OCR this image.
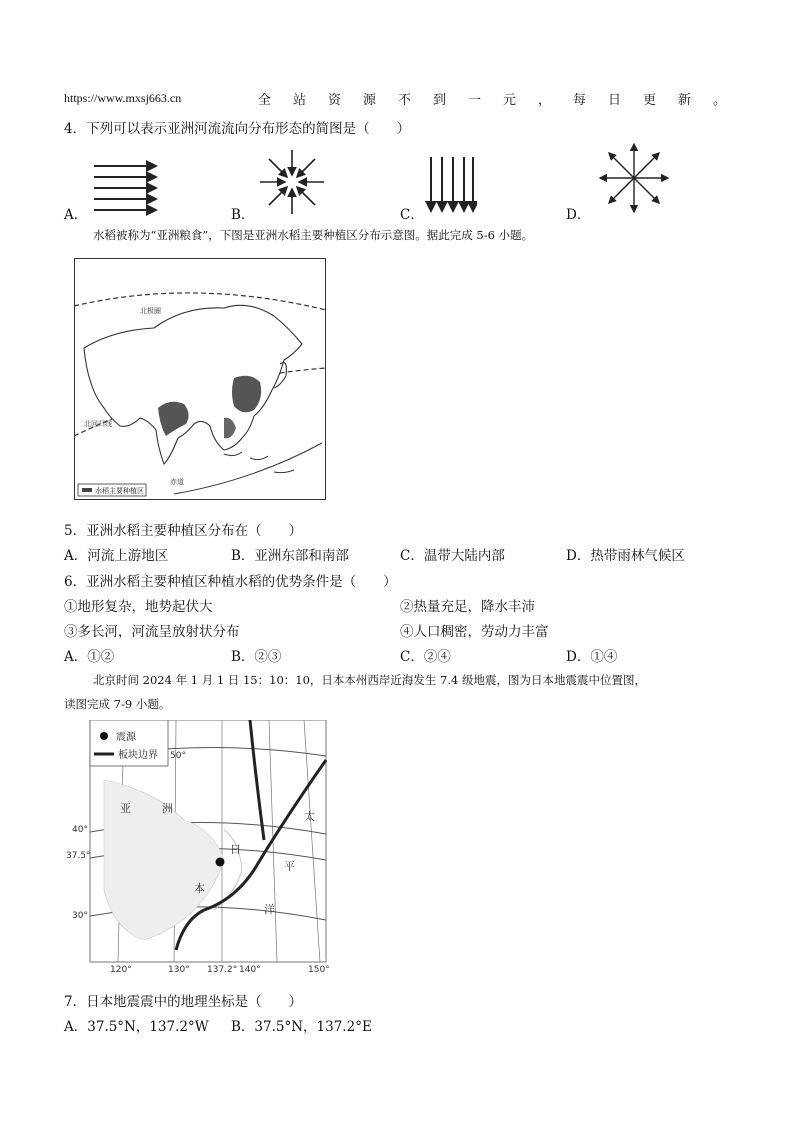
https://www.mxsj663.cn	全站资源不到一元，每日更新。
4．下列可以表示亚洲河流流向分布形态的简图是（　　）
A．	B．	C．	D．
水稻被称为“亚洲粮食”，下图是亚洲水稻主要种植区分布示意图。据此完成 5-6 小题。
北极圈
北回归线
赤道
水稻主要种植区
5．亚洲水稻主要种植区分布在（　　）
A．河流上游地区	B．亚洲东部和南部	C．温带大陆内部	D．热带雨林气候区
6．亚洲水稻主要种植区种植水稻的优势条件是（　　）
①地形复杂，地势起伏大	②热量充足，降水丰沛
③多长河，河流呈放射状分布	④人口稠密，劳动力丰富
A．①②	B．②③	C．②④	D．①④
北京时间 2024 年 1 月 1 日 15：10：10，日本本州西岸近海发生 7.4 级地震，图为日本地震震中位置图，
读图完成 7-9 小题。
震源
板块边界 50°
40°
37.5°
30°
120°	130° 137.2° 140°	150°
亚	洲
日
本
太
平
洋
7．日本地震震中的地理坐标是（　　）
A．37.5°N，137.2°W B．37.5°N，137.2°E
